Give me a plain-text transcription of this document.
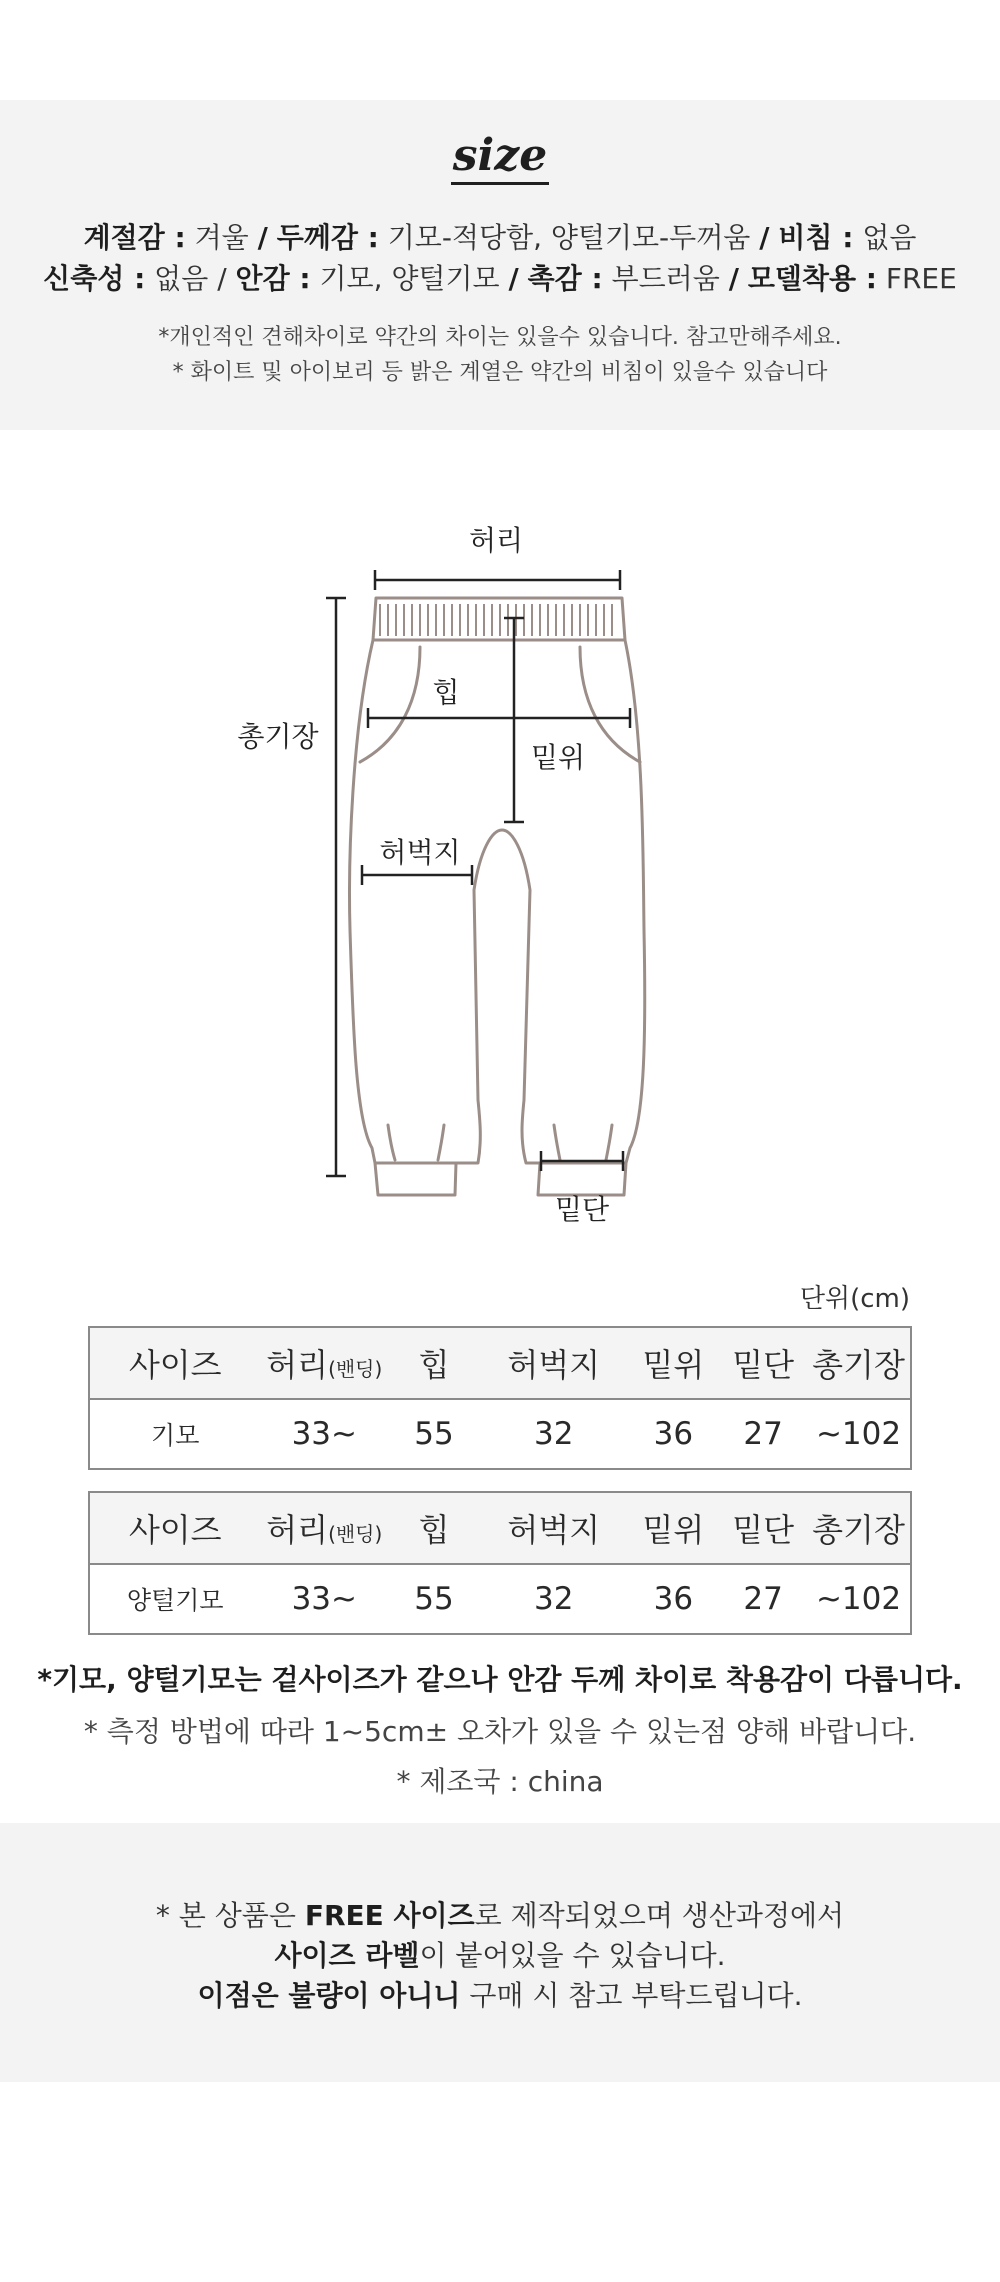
size
계절감 : 겨울 / 두께감 : 기모-적당함, 양털기모-두꺼움 / 비침 : 없음
신축성 : 없음 / 안감 : 기모, 양털기모 / 촉감 : 부드러움 / 모델착용 : FREE
*개인적인 견해차이로 약간의 차이는 있을수 있습니다. 참고만해주세요.
* 화이트 및 아이보리 등 밝은 계열은 약간의 비침이 있을수 있습니다
허리
힙
총기장
밑위
허벅지
밑단
단위(cm)
사이즈	허리(밴딩)	힙	허벅지	밑위	밑단	총기장
기모	33~	55	32	36	27	~102
사이즈	허리(밴딩)	힙	허벅지	밑위	밑단	총기장
양털기모	33~	55	32	36	27	~102
*기모, 양털기모는 겉사이즈가 같으나 안감 두께 차이로 착용감이 다릅니다.
* 측정 방법에 따라 1~5cm± 오차가 있을 수 있는점 양해 바랍니다.
* 제조국 : china
* 본 상품은 FREE 사이즈로 제작되었으며 생산과정에서
사이즈 라벨이 붙어있을 수 있습니다.
이점은 불량이 아니니 구매 시 참고 부탁드립니다.
